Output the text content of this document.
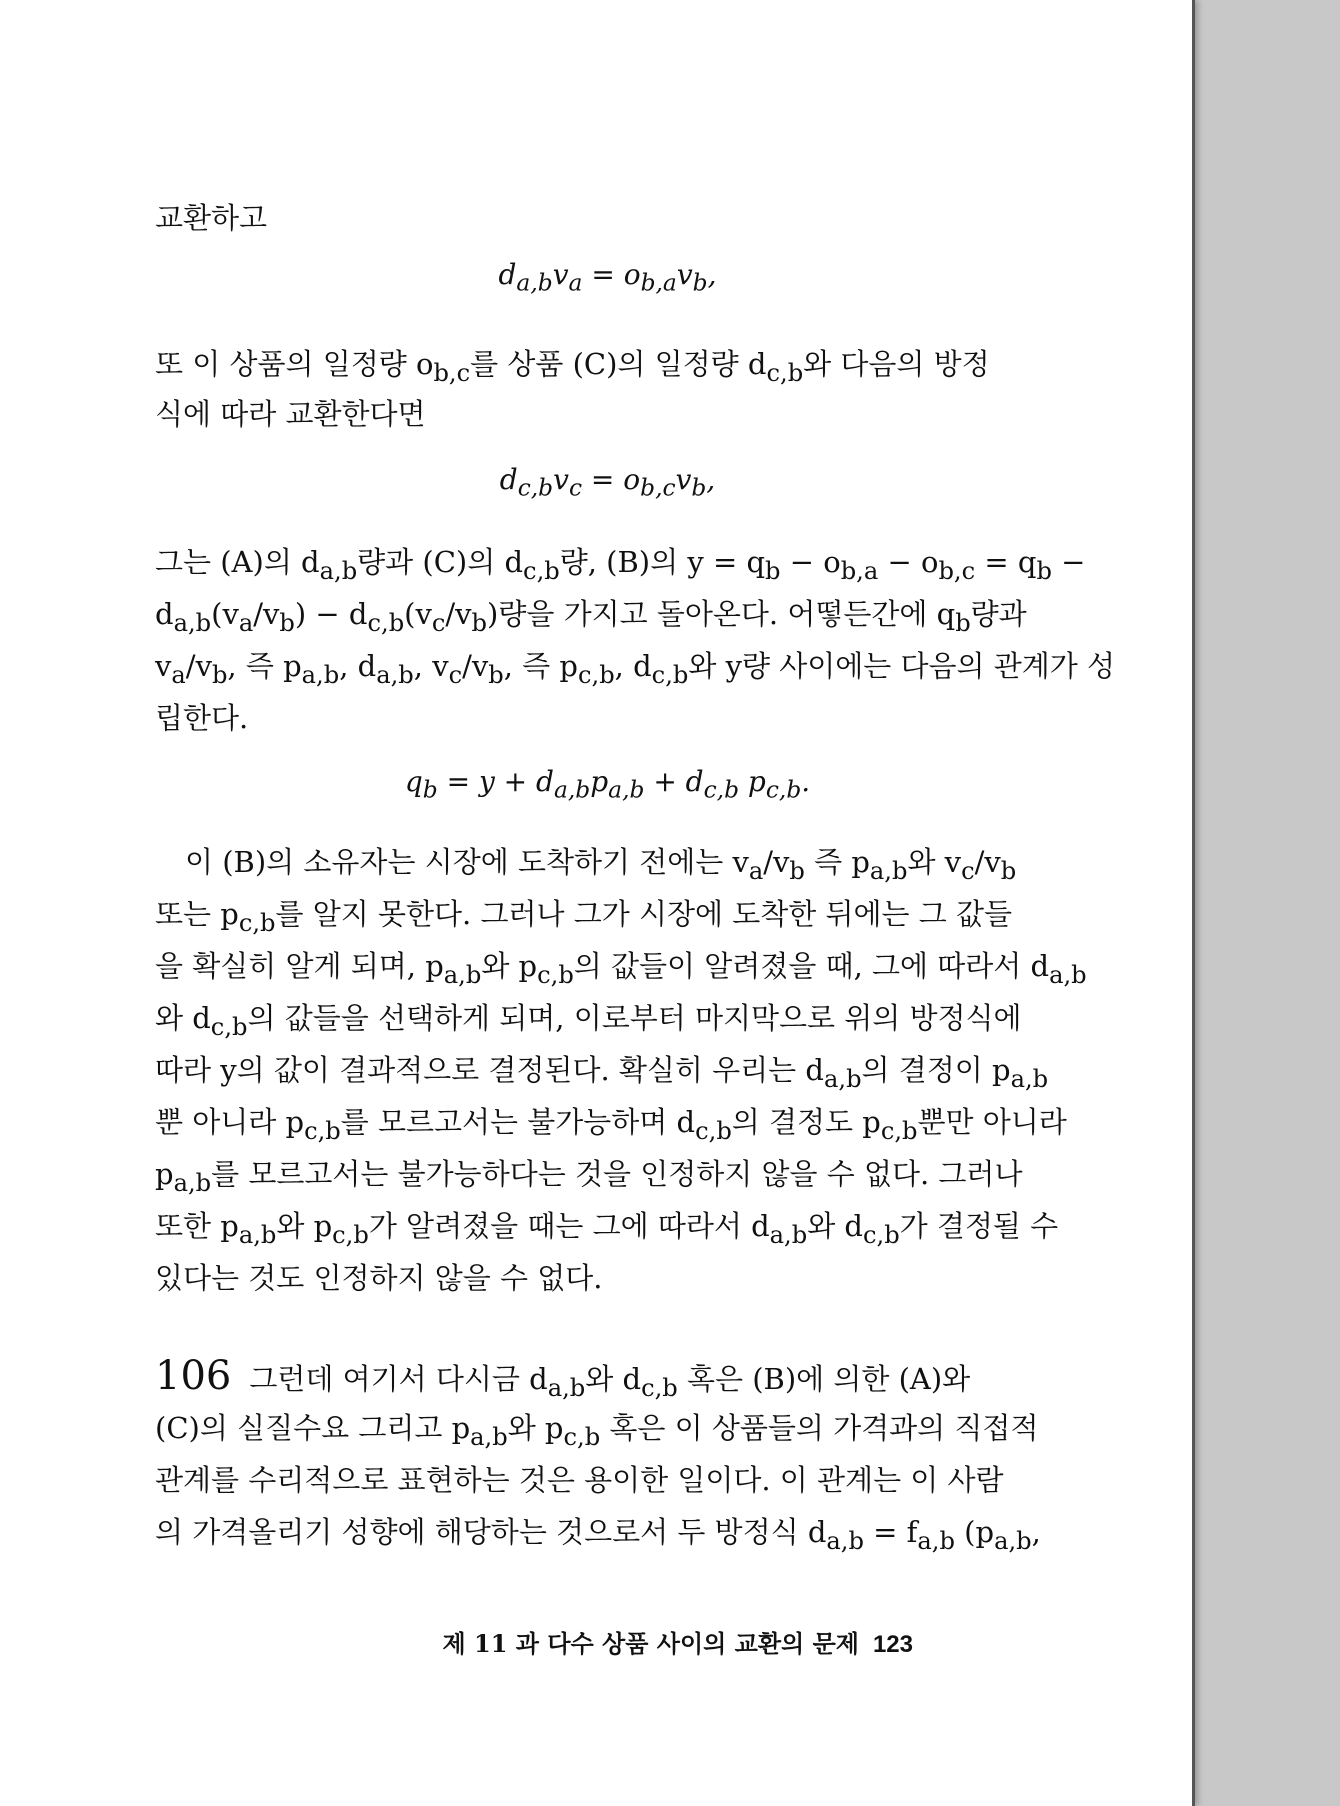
교환하고
$d_{a,b}v_a = o_{b,a}v_b$,
또 이 상품의 일정량 $o_{b,c}$를 상품 (C)의 일정량 $d_{c,b}$와 다음의 방정
식에 따라 교환한다면
$d_{c,b}v_c = o_{b,c}v_b$,
그는 (A)의 $d_{a,b}$량과 (C)의 $d_{c,b}$량, (B)의 $y = q_b - o_{b,a} - o_{b,c} = q_b$ −
$d_{a,b}(v_a/v_b) - d_{c,b}(v_c/v_b)$량을 가지고 돌아온다. 어떻든간에 $q_b$량과
$v_a/v_b$, 즉 $p_{a,b}$, $d_{a,b}$, $v_c/v_b$, 즉 $p_{c,b}$, $d_{c,b}$와 y량 사이에는 다음의 관계가 성
립한다.
$q_b = y + d_{a,b}p_{a,b} + d_{c,b}$ $p_{c,b}$.
이 (B)의 소유자는 시장에 도착하기 전에는 $v_a/v_b$ 즉 $p_{a,b}$와 $v_c/v_b$
또는 $p_{c,b}$를 알지 못한다. 그러나 그가 시장에 도착한 뒤에는 그 값들
을 확실히 알게 되며, $p_{a,b}$와 $p_{c,b}$의 값들이 알려졌을 때, 그에 따라서 $d_{a,b}$
와 $d_{c,b}$의 값들을 선택하게 되며, 이로부터 마지막으로 위의 방정식에
따라 y의 값이 결과적으로 결정된다. 확실히 우리는 $d_{a,b}$의 결정이 $p_{a,b}$
뿐 아니라 $p_{c,b}$를 모르고서는 불가능하며 $d_{c,b}$의 결정도 $p_{c,b}$뿐만 아니라
$p_{a,b}$를 모르고서는 불가능하다는 것을 인정하지 않을 수 없다. 그러나
또한 $p_{a,b}$와 $p_{c,b}$가 알려졌을 때는 그에 따라서 $d_{a,b}$와 $d_{c,b}$가 결정될 수
있다는 것도 인정하지 않을 수 없다.
106 그런데 여기서 다시금 $d_{a,b}$와 $d_{c,b}$ 혹은 (B)에 의한 (A)와
(C)의 실질수요 그리고 $p_{a,b}$와 $p_{c,b}$ 혹은 이 상품들의 가격과의 직접적
관계를 수리적으로 표현하는 것은 용이한 일이다. 이 관계는 이 사람
의 가격올리기 성향에 해당하는 것으로서 두 방정식 $d_{a,b} = f_{a,b}$ ($p_{a,b}$,
제 11 과 다수 상품 사이의 교환의 문제 123
